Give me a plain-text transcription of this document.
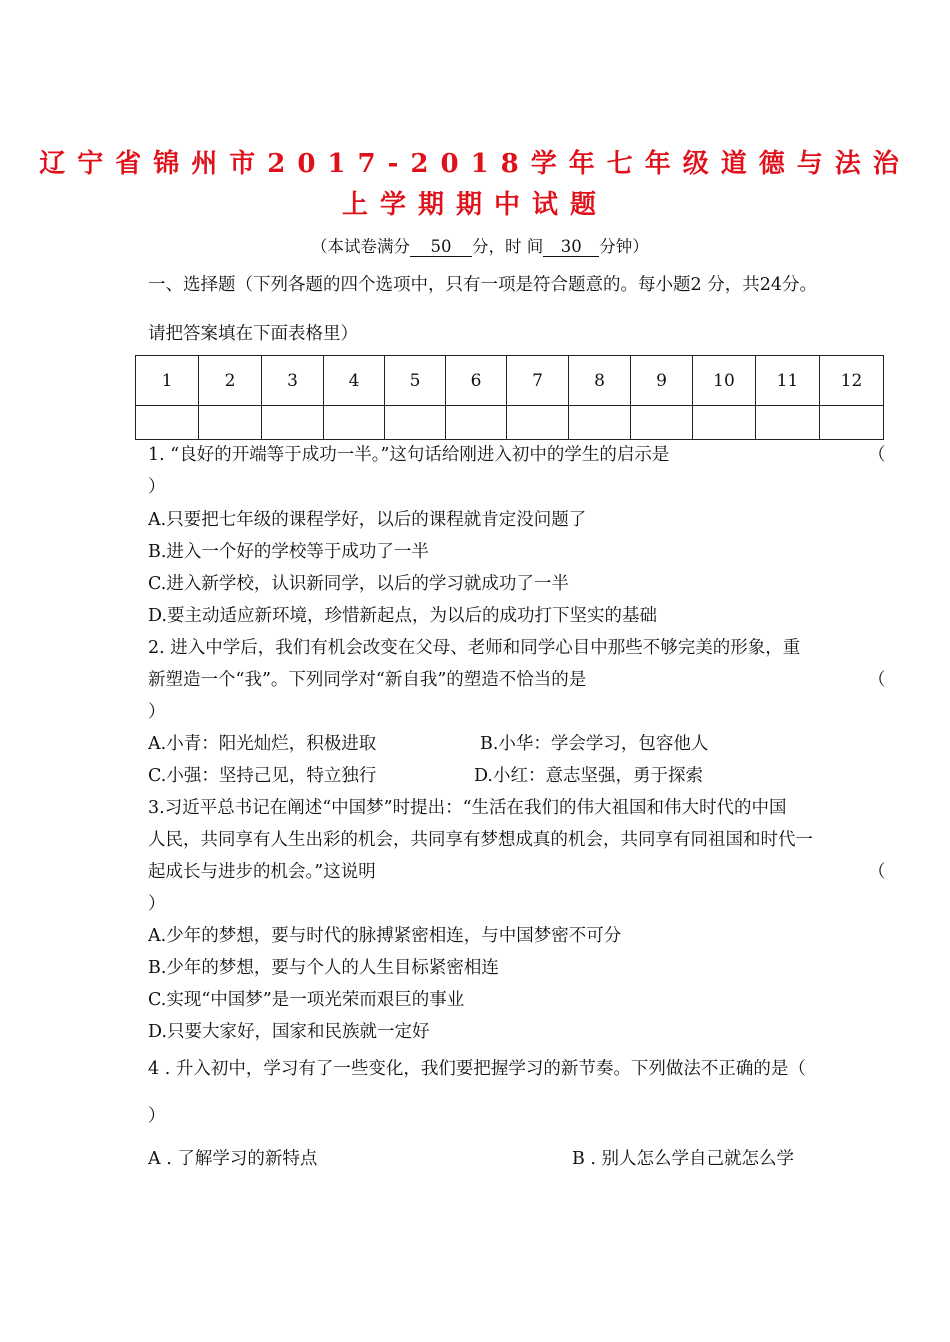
辽宁省锦州市2017-2018学年七年级道德与法治
上学期期中试题
（本试卷满分 50 分，时 间 30 分钟）
一、选择题（下列各题的四个选项中，只有一项是符合题意的。每小题2 分，共24分。
请把答案填在下面表格里）
1	2	3	4	5	6	7	8	9	10	11	12

1. “良好的开端等于成功一半。”这句话给刚进入初中的学生的启示是	（
）
A.只要把七年级的课程学好，以后的课程就肯定没问题了
B.进入一个好的学校等于成功了一半
C.进入新学校，认识新同学，以后的学习就成功了一半
D.要主动适应新环境，珍惜新起点，为以后的成功打下坚实的基础
2. 进入中学后，我们有机会改变在父母、老师和同学心目中那些不够完美的形象，重
新塑造一个“我”。下列同学对“新自我”的塑造不恰当的是	（
）
A.小青：阳光灿烂，积极进取	B.小华：学会学习，包容他人
C.小强：坚持己见，特立独行	D.小红：意志坚强，勇于探索
3.习近平总书记在阐述“中国梦”时提出：“生活在我们的伟大祖国和伟大时代的中国
人民，共同享有人生出彩的机会，共同享有梦想成真的机会，共同享有同祖国和时代一
起成长与进步的机会。”这说明	（
）
A.少年的梦想，要与时代的脉搏紧密相连，与中国梦密不可分
B.少年的梦想，要与个人的人生目标紧密相连
C.实现“中国梦”是一项光荣而艰巨的事业
D.只要大家好，国家和民族就一定好
4 . 升入初中，学习有了一些变化，我们要把握学习的新节奏。下列做法不正确的是（
）
A . 了解学习的新特点	B . 别人怎么学自己就怎么学
